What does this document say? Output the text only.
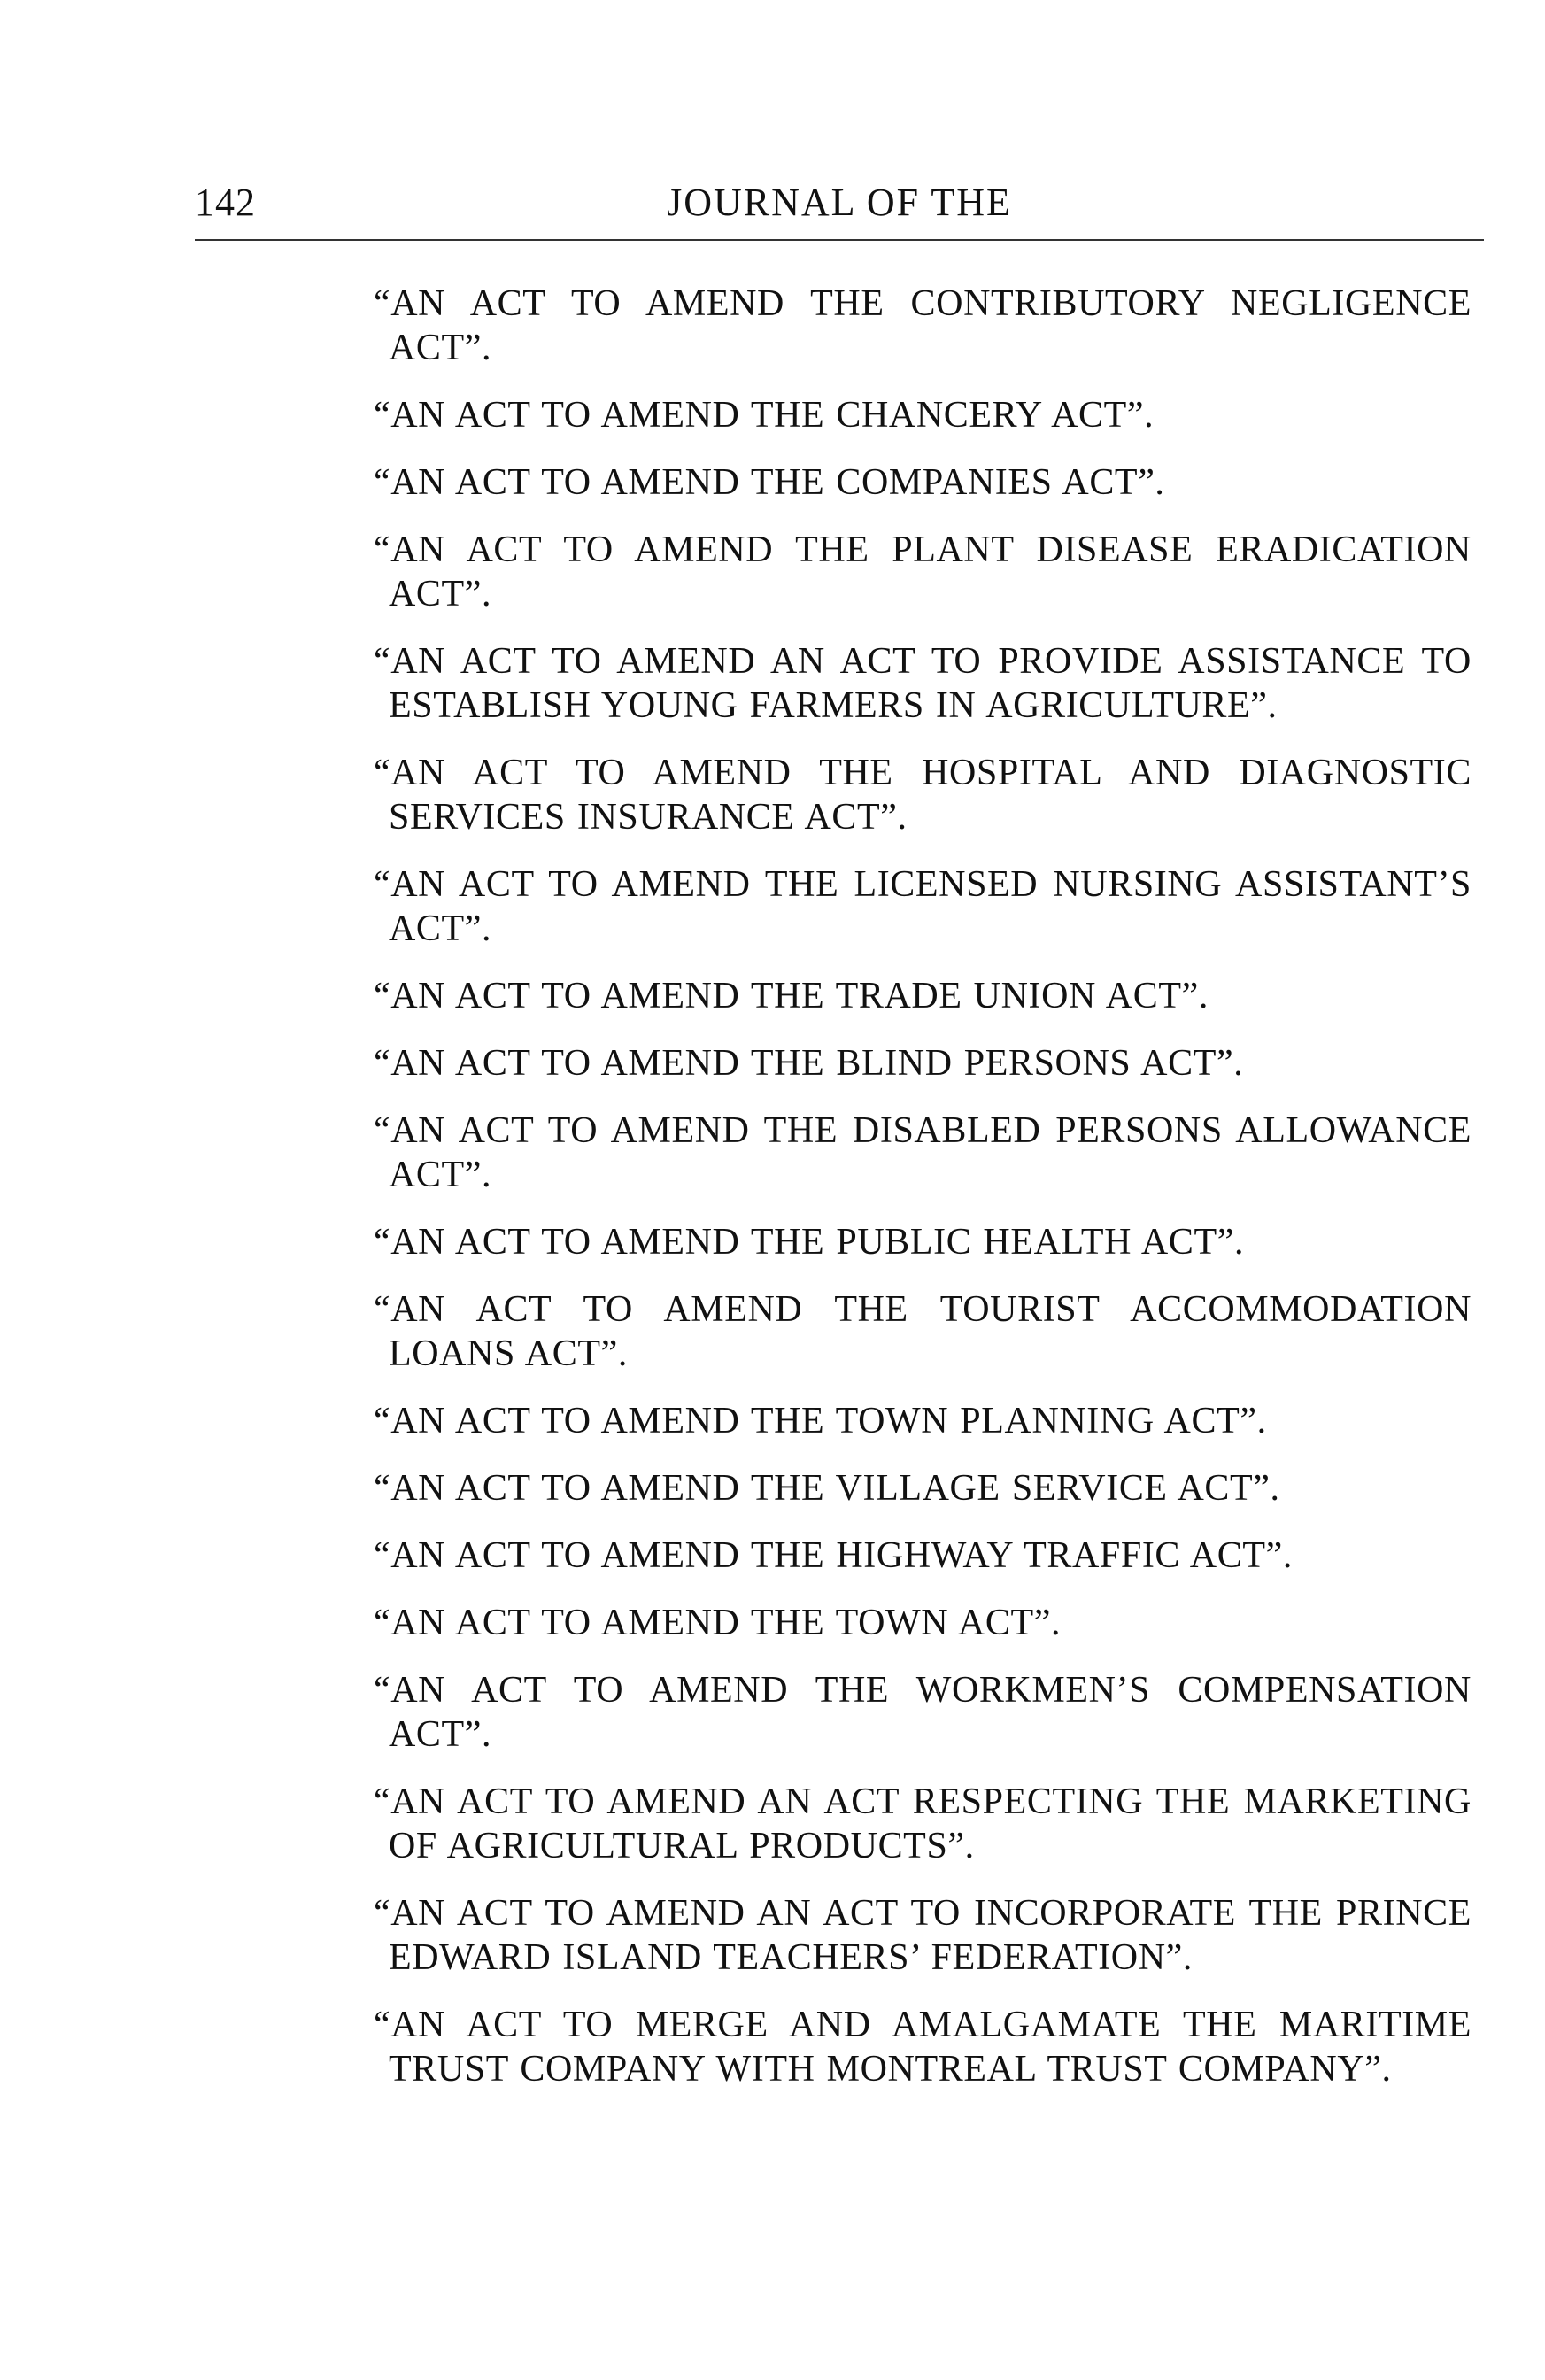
142	JOURNAL OF THE
“AN ACT TO AMEND THE CONTRIBUTORY NEGLIGENCE ACT”.
“AN ACT TO AMEND THE CHANCERY ACT”.
“AN ACT TO AMEND THE COMPANIES ACT”.
“AN ACT TO AMEND THE PLANT DISEASE ERADICATION ACT”.
“AN ACT TO AMEND AN ACT TO PROVIDE ASSISTANCE TO ESTABLISH YOUNG FARMERS IN AGRICULTURE”.
“AN ACT TO AMEND THE HOSPITAL AND DIAGNOSTIC SERVICES INSURANCE ACT”.
“AN ACT TO AMEND THE LICENSED NURSING ASSISTANT’S ACT”.
“AN ACT TO AMEND THE TRADE UNION ACT”.
“AN ACT TO AMEND THE BLIND PERSONS ACT”.
“AN ACT TO AMEND THE DISABLED PERSONS ALLOWANCE ACT”.
“AN ACT TO AMEND THE PUBLIC HEALTH ACT”.
“AN ACT TO AMEND THE TOURIST ACCOMMODATION LOANS ACT”.
“AN ACT TO AMEND THE TOWN PLANNING ACT”.
“AN ACT TO AMEND THE VILLAGE SERVICE ACT”.
“AN ACT TO AMEND THE HIGHWAY TRAFFIC ACT”.
“AN ACT TO AMEND THE TOWN ACT”.
“AN ACT TO AMEND THE WORKMEN’S COMPENSATION ACT”.
“AN ACT TO AMEND AN ACT RESPECTING THE MARKETING OF AGRICULTURAL PRODUCTS”.
“AN ACT TO AMEND AN ACT TO INCORPORATE THE PRINCE EDWARD ISLAND TEACHERS’ FEDERATION”.
“AN ACT TO MERGE AND AMALGAMATE THE MARITIME TRUST COMPANY WITH MONTREAL TRUST COMPANY”.
